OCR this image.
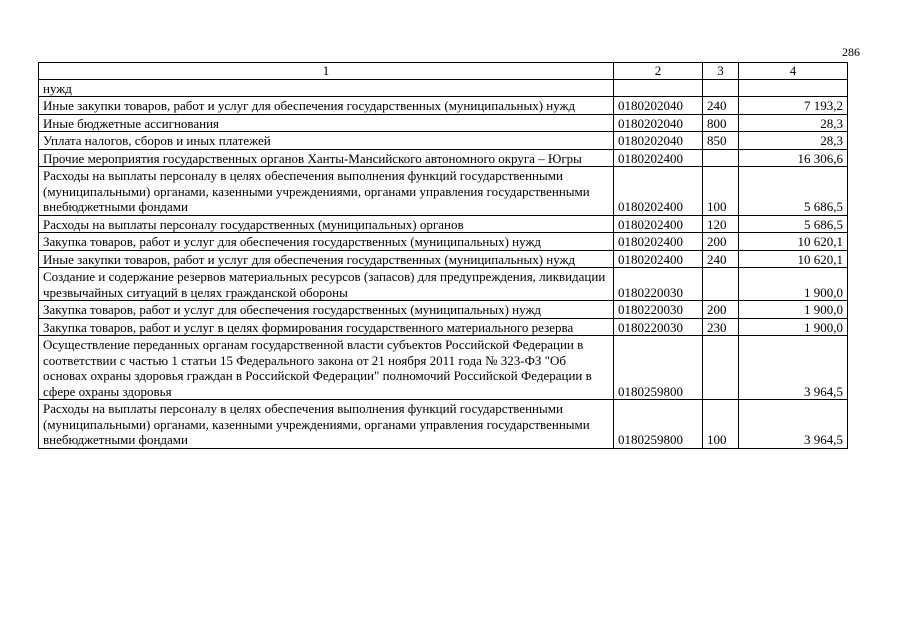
286
1	2	3	4
нужд			
Иные закупки товаров, работ и услуг для обеспечения государственных (муниципальных) нужд	0180202040	240	7 193,2
Иные бюджетные ассигнования	0180202040	800	28,3
Уплата налогов, сборов и иных платежей	0180202040	850	28,3
Прочие мероприятия государственных органов Ханты-Мансийского автономного округа – Югры	0180202400		16 306,6
Расходы на выплаты персоналу в целях обеспечения выполнения функций государственными (муниципальными) органами, казенными учреждениями, органами управления государственными внебюджетными фондами	0180202400	100	5 686,5
Расходы на выплаты персоналу государственных (муниципальных) органов	0180202400	120	5 686,5
Закупка товаров, работ и услуг для обеспечения государственных (муниципальных) нужд	0180202400	200	10 620,1
Иные закупки товаров, работ и услуг для обеспечения государственных (муниципальных) нужд	0180202400	240	10 620,1
Создание и содержание резервов материальных ресурсов (запасов) для предупреждения, ликвидации чрезвычайных ситуаций в целях гражданской обороны	0180220030		1 900,0
Закупка товаров, работ и услуг для обеспечения государственных (муниципальных) нужд	0180220030	200	1 900,0
Закупка товаров, работ и услуг в целях формирования государственного материального резерва	0180220030	230	1 900,0
Осуществление переданных органам государственной власти субъектов Российской Федерации в соответствии с частью 1 статьи 15 Федерального закона от 21 ноября 2011 года № 323-ФЗ "Об основах охраны здоровья граждан в Российской Федерации" полномочий Российской Федерации в сфере охраны здоровья	0180259800		3 964,5
Расходы на выплаты персоналу в целях обеспечения выполнения функций государственными (муниципальными) органами, казенными учреждениями, органами управления государственными внебюджетными фондами	0180259800	100	3 964,5
